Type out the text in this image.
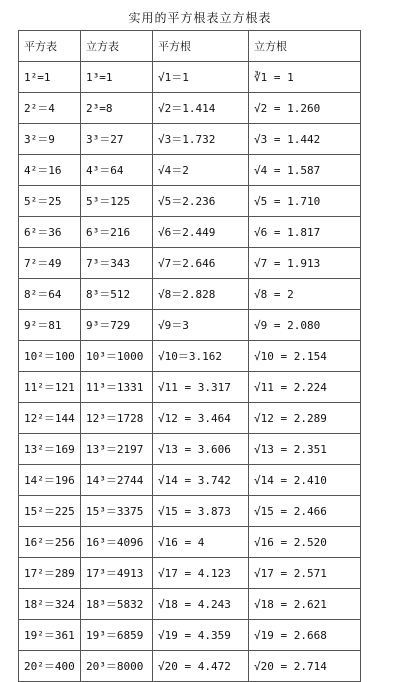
实用的平方根表立方根表
平方表	立方表	平方根	立方根
1²=1	1³=1	√1＝1	∛1 = 1
2²＝4	2³=8	√2＝1.414	√2 = 1.260
3²＝9	3³＝27	√3＝1.732	√3 = 1.442
4²＝16	4³＝64	√4＝2	√4 = 1.587
5²＝25	5³＝125	√5＝2.236	√5 = 1.710
6²＝36	6³＝216	√6＝2.449	√6 = 1.817
7²＝49	7³＝343	√7＝2.646	√7 = 1.913
8²＝64	8³＝512	√8＝2.828	√8 = 2
9²＝81	9³＝729	√9＝3	√9 = 2.080
10²＝100	10³＝1000	√10＝3.162	√10 = 2.154
11²＝121	11³＝1331	√11 = 3.317	√11 = 2.224
12²＝144	12³＝1728	√12 = 3.464	√12 = 2.289
13²＝169	13³＝2197	√13 = 3.606	√13 = 2.351
14²＝196	14³＝2744	√14 = 3.742	√14 = 2.410
15²＝225	15³＝3375	√15 = 3.873	√15 = 2.466
16²＝256	16³＝4096	√16 = 4	√16 = 2.520
17²＝289	17³＝4913	√17 = 4.123	√17 = 2.571
18²＝324	18³＝5832	√18 = 4.243	√18 = 2.621
19²＝361	19³＝6859	√19 = 4.359	√19 = 2.668
20²＝400	20³＝8000	√20 = 4.472	√20 = 2.714
